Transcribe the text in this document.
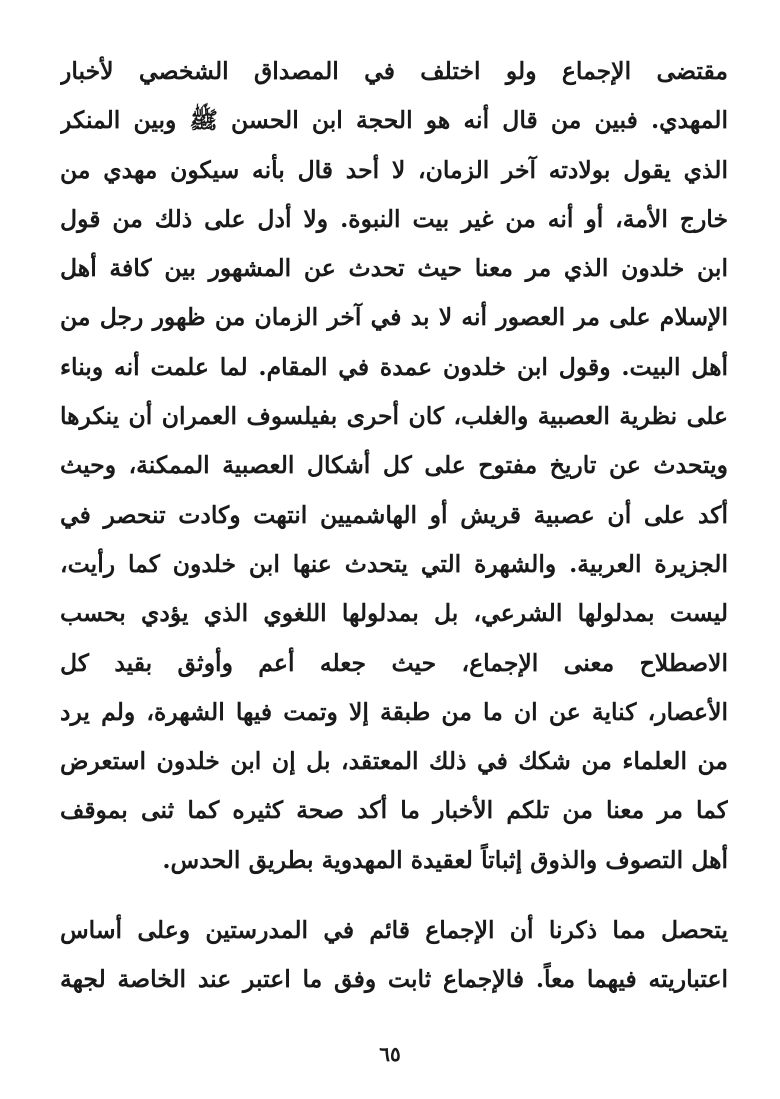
مقتضى الإجماع ولو اختلف في المصداق الشخصي لأخبار
المهدي. فبين من قال أنه هو الحجة ابن الحسن ﷺ وبين المنكر
الذي يقول بولادته آخر الزمان، لا أحد قال بأنه سيكون مهدي من
خارج الأمة، أو أنه من غير بيت النبوة. ولا أدل على ذلك من قول
ابن خلدون الذي مر معنا حيث تحدث عن المشهور بين كافة أهل
الإسلام على مر العصور أنه لا بد في آخر الزمان من ظهور رجل من
أهل البيت. وقول ابن خلدون عمدة في المقام. لما علمت أنه وبناء
على نظرية العصبية والغلب، كان أحرى بفيلسوف العمران أن ينكرها
ويتحدث عن تاريخ مفتوح على كل أشكال العصبية الممكنة، وحيث
أكد على أن عصبية قريش أو الهاشميين انتهت وكادت تنحصر في
الجزيرة العربية. والشهرة التي يتحدث عنها ابن خلدون كما رأيت،
ليست بمدلولها الشرعي، بل بمدلولها اللغوي الذي يؤدي بحسب
الاصطلاح معنى الإجماع، حيث جعله أعم وأوثق بقيد كل
الأعصار، كناية عن ان ما من طبقة إلا وتمت فيها الشهرة، ولم يرد
من العلماء من شكك في ذلك المعتقد، بل إن ابن خلدون استعرض
كما مر معنا من تلكم الأخبار ما أكد صحة كثيره كما ثنى بموقف
أهل التصوف والذوق إثباتاً لعقيدة المهدوية بطريق الحدس.
يتحصل مما ذكرنا أن الإجماع قائم في المدرستين وعلى أساس
اعتباريته فيهما معاً. فالإجماع ثابت وفق ما اعتبر عند الخاصة لجهة
٦٥
